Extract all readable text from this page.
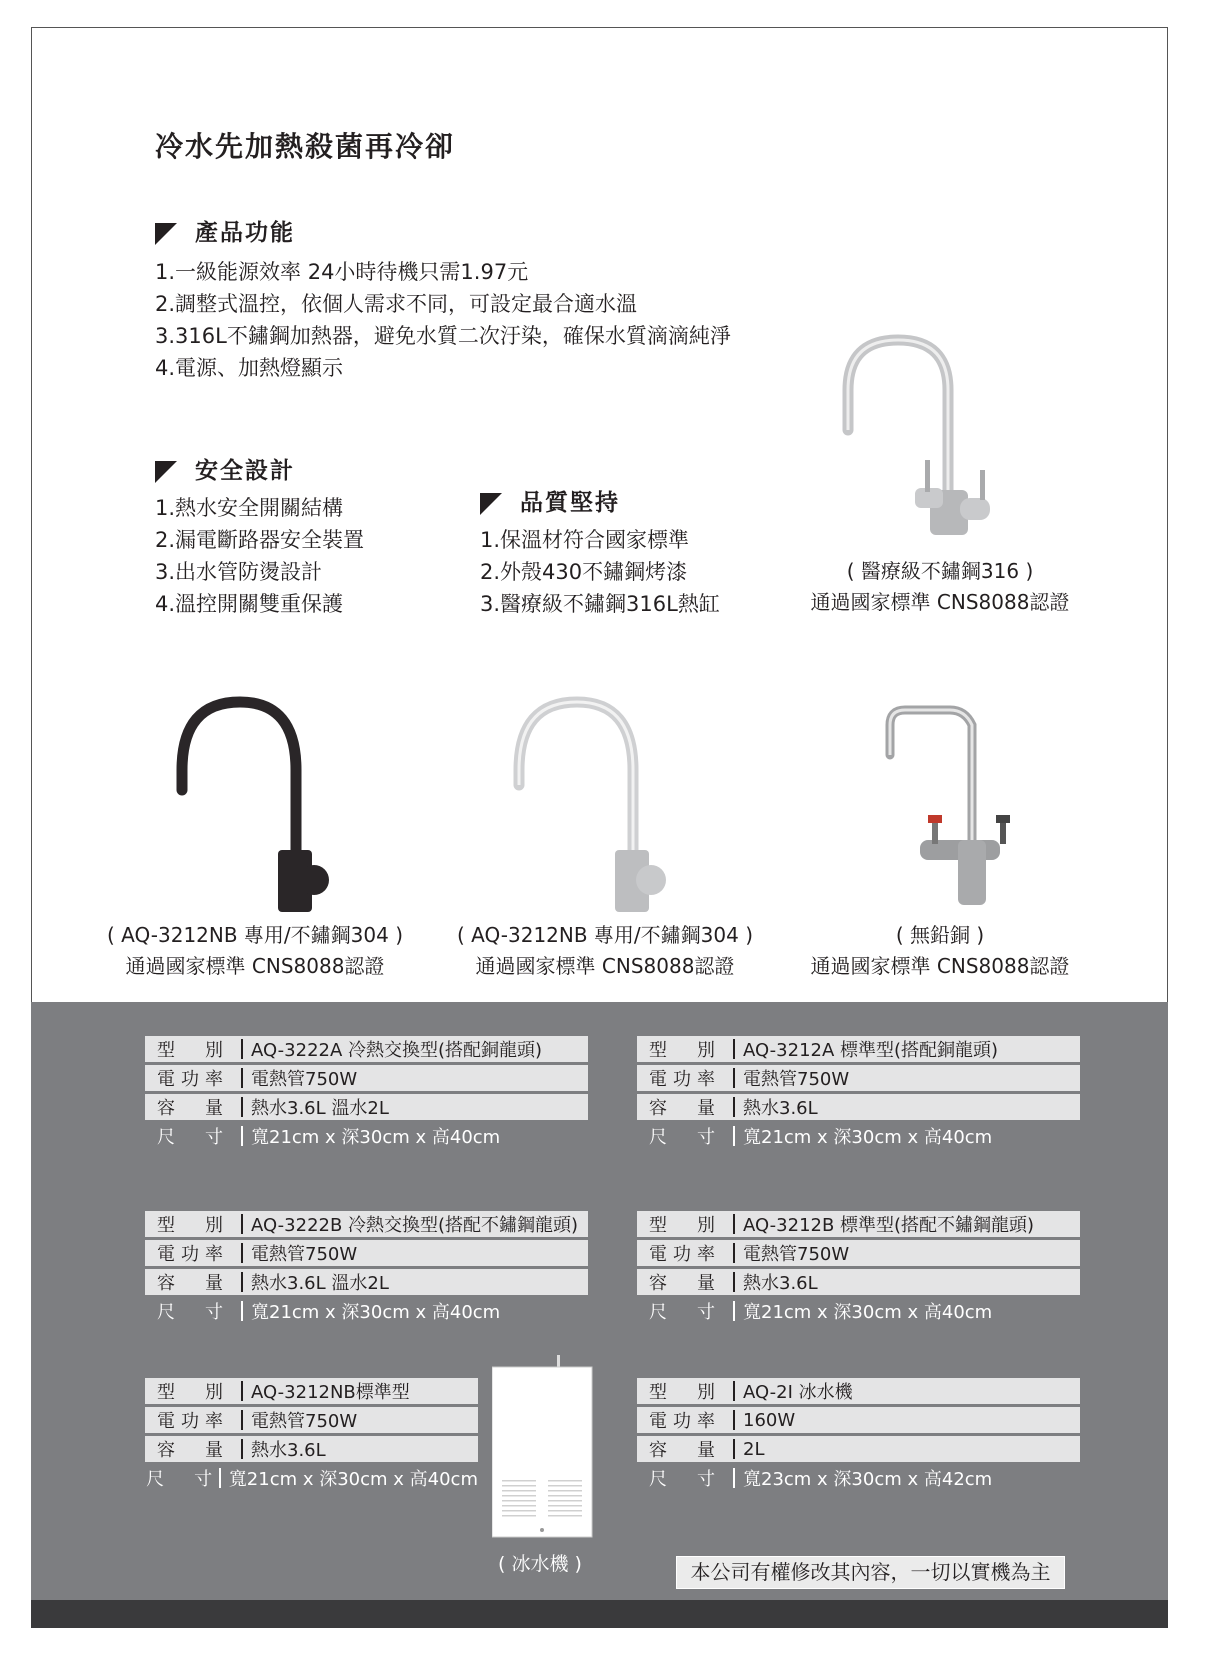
冷水先加熱殺菌再冷卻
產品功能
1.一級能源效率 24小時待機只需1.97元
2.調整式溫控，依個人需求不同，可設定最合適水溫
3.316L不鏽鋼加熱器，避免水質二次汙染，確保水質滴滴純淨
4.電源、加熱燈顯示
安全設計
1.熱水安全開關結構
2.漏電斷路器安全裝置
3.出水管防燙設計
4.溫控開關雙重保護
品質堅持
1.保溫材符合國家標準
2.外殼430不鏽鋼烤漆
3.醫療級不鏽鋼316L熱缸
( 醫療級不鏽鋼316 )
通過國家標準 CNS8088認證
( AQ-3212NB 專用/不鏽鋼304 )
通過國家標準 CNS8088認證
( AQ-3212NB 專用/不鏽鋼304 )
通過國家標準 CNS8088認證
( 無鉛銅 )
通過國家標準 CNS8088認證
型　別	AQ-3222A 冷熱交換型(搭配銅龍頭)
電功率	電熱管750W
容　量	熱水3.6L 溫水2L
尺　寸	寬21cm x 深30cm x 高40cm
型　別	AQ-3212A 標準型(搭配銅龍頭)
電功率	電熱管750W
容　量	熱水3.6L
尺　寸	寬21cm x 深30cm x 高40cm
型　別	AQ-3222B 冷熱交換型(搭配不鏽鋼龍頭)
電功率	電熱管750W
容　量	熱水3.6L 溫水2L
尺　寸	寬21cm x 深30cm x 高40cm
型　別	AQ-3212B 標準型(搭配不鏽鋼龍頭)
電功率	電熱管750W
容　量	熱水3.6L
尺　寸	寬21cm x 深30cm x 高40cm
型　別	AQ-3212NB標準型
電功率	電熱管750W
容　量	熱水3.6L
尺　寸 寬21cm x 深30cm x 高40cm
型　別	AQ-2I 冰水機
電功率	160W
容　量	2L
尺　寸	寬23cm x 深30cm x 高42cm
( 冰水機 )	本公司有權修改其內容，一切以實機為主
